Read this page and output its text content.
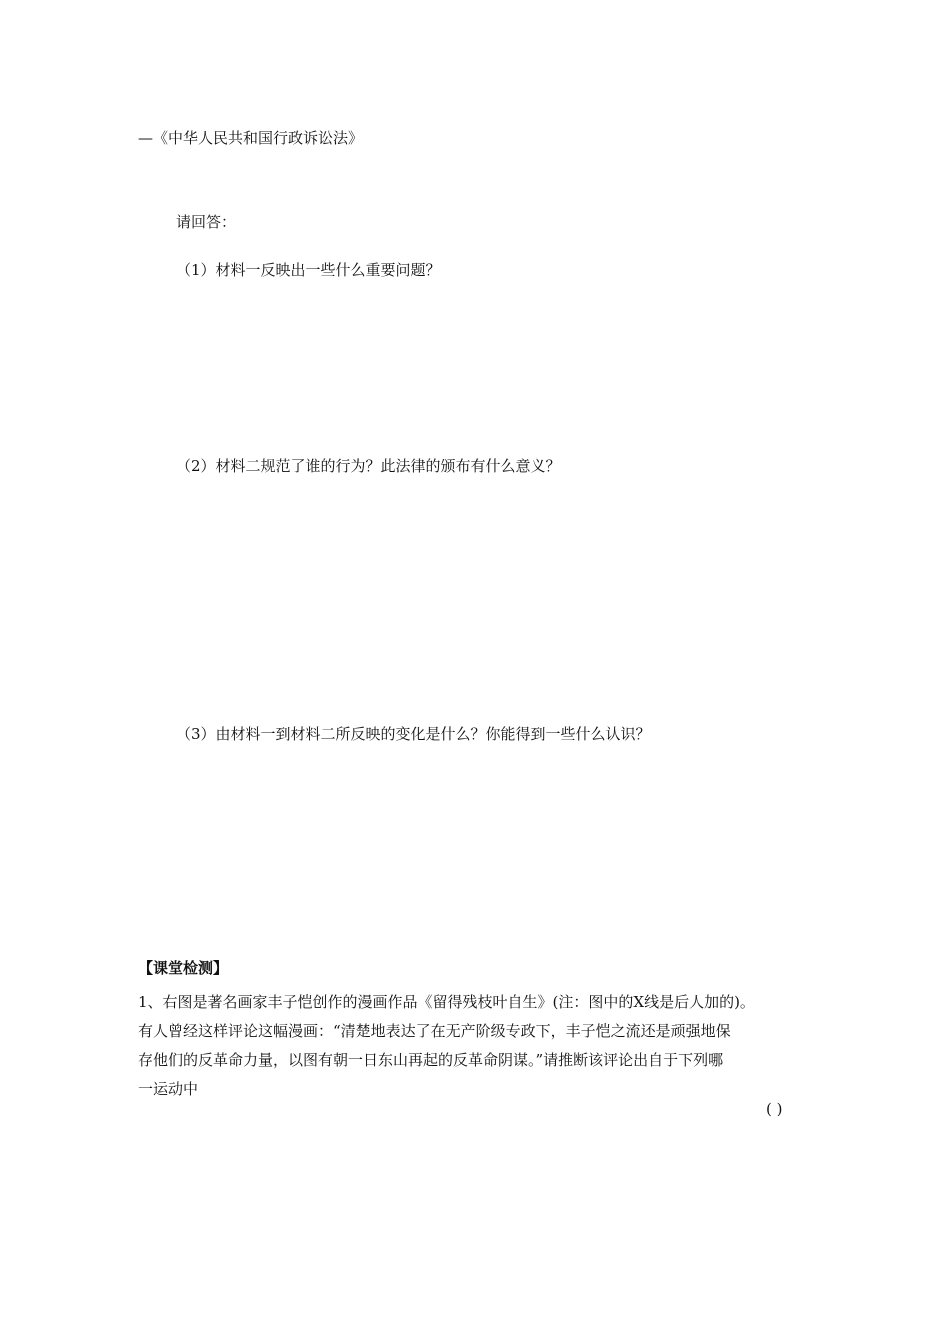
—《中华人民共和国行政诉讼法》
请回答：
（1）材料一反映出一些什么重要问题？
（2）材料二规范了谁的行为？此法律的颁布有什么意义？
（3）由材料一到材料二所反映的变化是什么？你能得到一些什么认识？
【课堂检测】
1、右图是著名画家丰子恺创作的漫画作品《留得残枝叶自生》(注：图中的X线是后人加的)。
有人曾经这样评论这幅漫画：“清楚地表达了在无产阶级专政下，丰子恺之流还是顽强地保
存他们的反革命力量，以图有朝一日东山再起的反革命阴谋。”请推断该评论出自于下列哪
一运动中
( )
